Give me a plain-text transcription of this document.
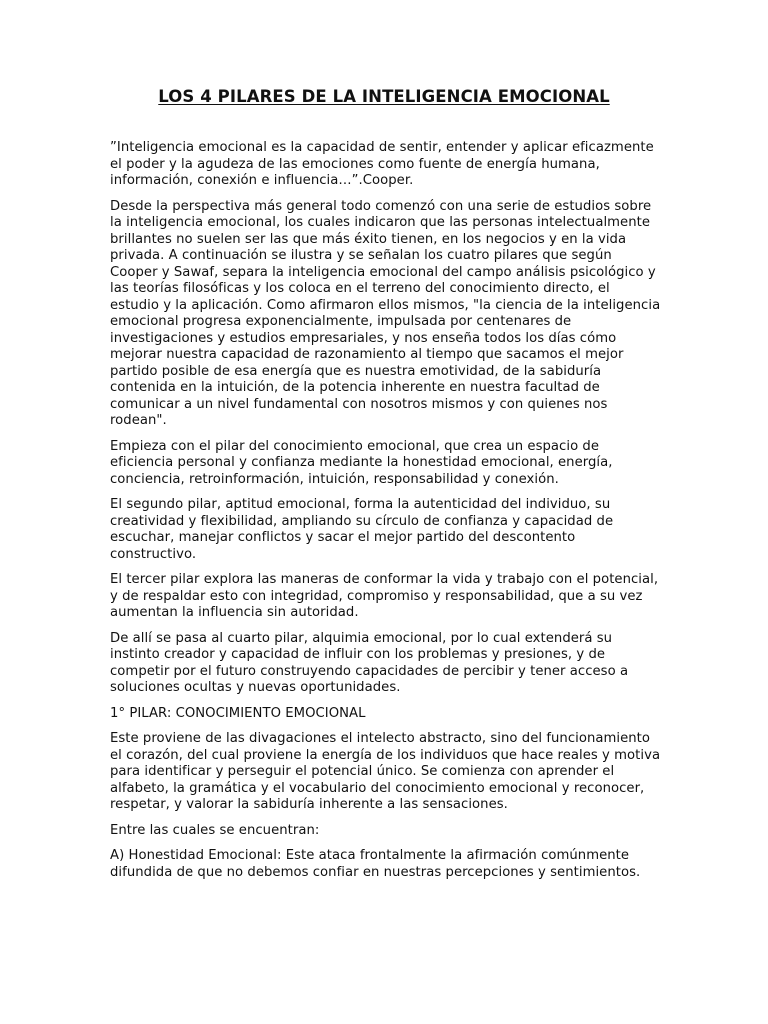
LOS 4 PILARES DE LA INTELIGENCIA EMOCIONAL

”Inteligencia emocional es la capacidad de sentir, entender y aplicar eficazmente el poder y la agudeza de las emociones como fuente de energía humana, información, conexión e influencia…”.Cooper.

Desde la perspectiva más general todo comenzó con una serie de estudios sobre la inteligencia emocional, los cuales indicaron que las personas intelectualmente brillantes no suelen ser las que más éxito tienen, en los negocios y en la vida privada. A continuación se ilustra y se señalan los cuatro pilares que según Cooper y Sawaf, separa la inteligencia emocional del campo análisis psicológico y las teorías filosóficas y los coloca en el terreno del conocimiento directo, el estudio y la aplicación. Como afirmaron ellos mismos, "la ciencia de la inteligencia emocional progresa exponencialmente, impulsada por centenares de investigaciones y estudios empresariales, y nos enseña todos los días cómo mejorar nuestra capacidad de razonamiento al tiempo que sacamos el mejor partido posible de esa energía que es nuestra emotividad, de la sabiduría contenida en la intuición, de la potencia inherente en nuestra facultad de comunicar a un nivel fundamental con nosotros mismos y con quienes nos rodean".

Empieza con el pilar del conocimiento emocional, que crea un espacio de eficiencia personal y confianza mediante la honestidad emocional, energía, conciencia, retroinformación, intuición, responsabilidad y conexión.

El segundo pilar, aptitud emocional, forma la autenticidad del individuo, su creatividad y flexibilidad, ampliando su círculo de confianza y capacidad de escuchar, manejar conflictos y sacar el mejor partido del descontento constructivo.

El tercer pilar explora las maneras de conformar la vida y trabajo con el potencial, y de respaldar esto con integridad, compromiso y responsabilidad, que a su vez aumentan la influencia sin autoridad.

De allí se pasa al cuarto pilar, alquimia emocional, por lo cual extenderá su instinto creador y capacidad de influir con los problemas y presiones, y de competir por el futuro construyendo capacidades de percibir y tener acceso a soluciones ocultas y nuevas oportunidades.

1° PILAR: CONOCIMIENTO EMOCIONAL

Este proviene de las divagaciones el intelecto abstracto, sino del funcionamiento el corazón, del cual proviene la energía de los individuos que hace reales y motiva para identificar y perseguir el potencial único. Se comienza con aprender el alfabeto, la gramática y el vocabulario del conocimiento emocional y reconocer, respetar, y valorar la sabiduría inherente a las sensaciones.

Entre las cuales se encuentran:

A) Honestidad Emocional: Este ataca frontalmente la afirmación comúnmente difundida de que no debemos confiar en nuestras percepciones y sentimientos.
